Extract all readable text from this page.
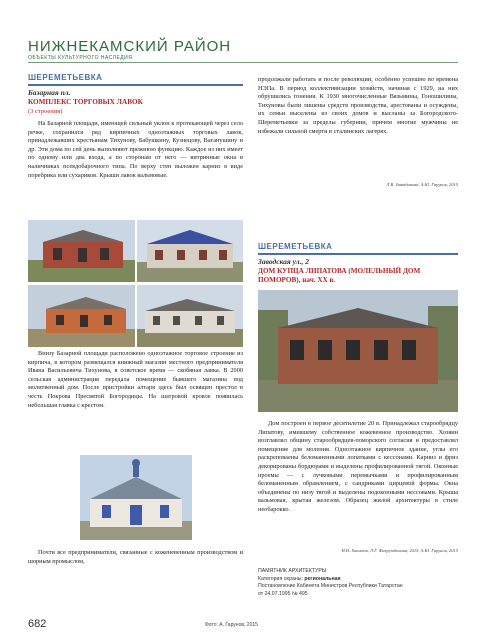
НИЖНЕКАМСКИЙ РАЙОН
ОБЪЕКТЫ КУЛЬТУРНОГО НАСЛЕДИЯ
ШЕРЕМЕТЬЕВКА
Базарная пл.
КОМПЛЕКС ТОРГОВЫХ ЛАВОК
(3 строения)

На Базарной площади, имеющей сильный уклон к протекающей через село речке, сохранился ряд кирпичных одноэтажных торговых лавок, принадлежавших крестьянам Тихунову, Бабушкину, Кузнецову, Ваганушину и др. Эти дома по сей день выполняют прежнюю функцию. Каждое из них имеет по одному или два входа, а по сторонам от него — витринные окна в наличниках псевдобарочного типа. По верху стен выложен карниз в виде поребрика или сухариков. Крыши лавок вальмовые.

Внизу Базарной площади расположено одноэтажное торговое строение из кирпича, в котором размещался книжный магазин местного предпринимателя Ивана Васильевича Тихунова, в советское время — скобяная лавка. В 2000 сельская администрация передала помещение бывшего магазина под молитвенный дом. После пристройки алтаря здесь был освящен престол в честь Покрова Пресвятой Богородицы. На шатровой кровле появилась небольшая главка с крестом.

Почти все предприниматели, связанные с коженевенным производством и шорным промыслом,

продолжали работать и после революции, особенно успешно во времена НЭПа. В период коллективизации хозяйств, начиная с 1929, на них обрушились гонения. К 1930 многочисленные Вязьмины, Гоношилины, Тихуновы были лишены средств производства, арестованы и осуждены, их семьи выселены из своих домов и высланы за Богородского-Шереметьевки за пределы губернии, причем многие мужчины не избежали сильной смерти в сталинских лагерях.

Л.В. Зиятдинова, А.Ю. Гарунов, 2015
ШЕРЕМЕТЬЕВКА
Заводская ул., 2
ДОМ КУПЦА ЛИПАТОВА (МОЛЕЛЬНЫЙ ДОМ ПОМОРОВ), нач. ХХ в.

Дом построен в первое десятилетие 20 в. Принадлежал старообрядцу Липатову, имевшему собственное кожевенное производство. Хозяин возглавлял общину старообрядцев-поморского согласия и предоставлял помещение для моления. Одноэтажное кирпичное здание, углы его раскреповаены беломаненными лопатками с кессонами. Карниз и фриз декорированы бордюрами и выделены профилированной тягой. Оконные проемы — с лучковыми перемычками и профилированным беломаненным обрамлением, с сандриками цирцевой формы. Окна объединены по низу тягой и выделены подоконными нессовами. Крыша вальмовая, крытая железом. Образец жилой архитектуры в стиле необарокко.

Н.Н. Хакимов, Л.Г. Фахрутдинова, 2015, А.Ю. Гарунов, 2015
ПАМЯТНИК АРХИТЕКТУРЫ
Категория охраны: региональная
Постановление Кабинета Министров Республики Татарстан
от 24.07.1995 № 495
682	Фото: А. Гарунов, 2015
